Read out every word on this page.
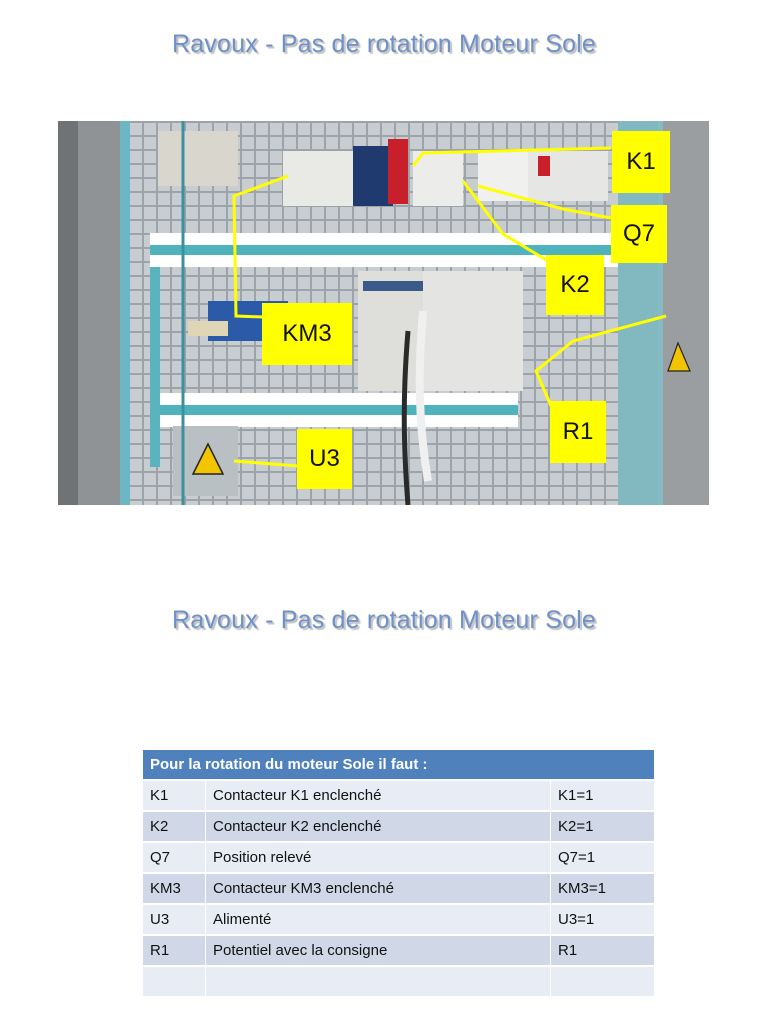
Ravoux - Pas de rotation Moteur Sole
K1
Q7
K2
KM3
R1
U3
Ravoux - Pas de rotation Moteur Sole
Pour la rotation du moteur Sole il faut :		
K1	Contacteur K1 enclenché	K1=1
K2	Contacteur K2 enclenché	K2=1
Q7	Position relevé	Q7=1
KM3	Contacteur KM3 enclenché	KM3=1
U3	Alimenté	U3=1
R1	Potentiel avec la consigne	R1
